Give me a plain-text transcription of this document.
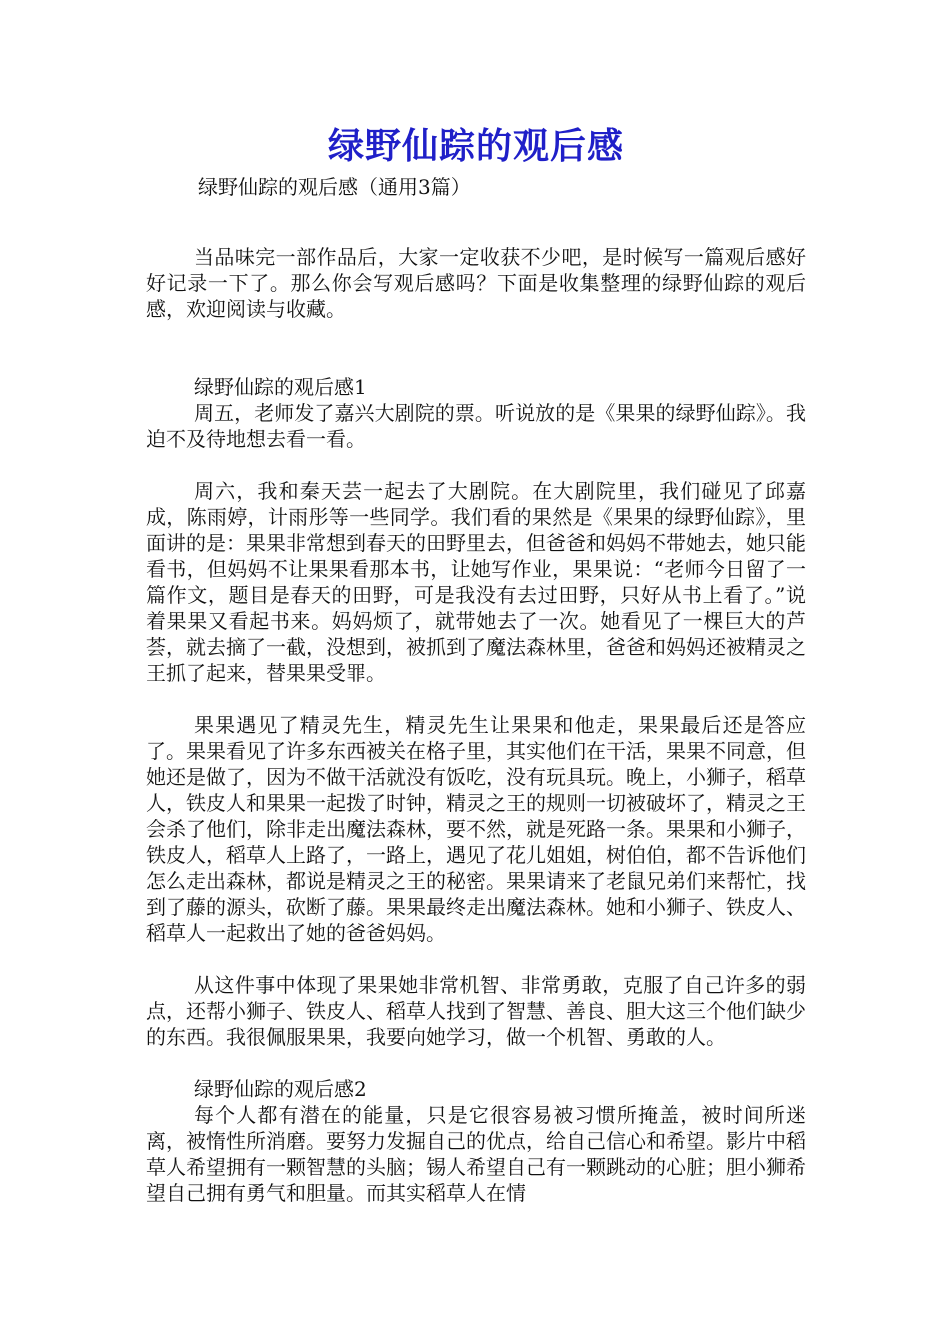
绿野仙踪的观后感

绿野仙踪的观后感（通用3篇）

当品味完一部作品后，大家一定收获不少吧，是时候写一篇观后感好好记录一下了。那么你会写观后感吗？下面是收集整理的绿野仙踪的观后感，欢迎阅读与收藏。

绿野仙踪的观后感1

周五，老师发了嘉兴大剧院的票。听说放的是《果果的绿野仙踪》。我迫不及待地想去看一看。

周六，我和秦天芸一起去了大剧院。在大剧院里，我们碰见了邱嘉成，陈雨婷，计雨彤等一些同学。我们看的果然是《果果的绿野仙踪》，里面讲的是：果果非常想到春天的田野里去，但爸爸和妈妈不带她去，她只能看书，但妈妈不让果果看那本书，让她写作业，果果说：“老师今日留了一篇作文，题目是春天的田野，可是我没有去过田野，只好从书上看了。”说着果果又看起书来。妈妈烦了，就带她去了一次。她看见了一棵巨大的芦荟，就去摘了一截，没想到，被抓到了魔法森林里，爸爸和妈妈还被精灵之王抓了起来，替果果受罪。

果果遇见了精灵先生，精灵先生让果果和他走，果果最后还是答应了。果果看见了许多东西被关在格子里，其实他们在干活，果果不同意，但她还是做了，因为不做干活就没有饭吃，没有玩具玩。晚上，小狮子，稻草人，铁皮人和果果一起拨了时钟，精灵之王的规则一切被破坏了，精灵之王会杀了他们，除非走出魔法森林，要不然，就是死路一条。果果和小狮子，铁皮人，稻草人上路了，一路上，遇见了花儿姐姐，树伯伯，都不告诉他们怎么走出森林，都说是精灵之王的秘密。果果请来了老鼠兄弟们来帮忙，找到了藤的源头，砍断了藤。果果最终走出魔法森林。她和小狮子、铁皮人、稻草人一起救出了她的爸爸妈妈。

从这件事中体现了果果她非常机智、非常勇敢，克服了自己许多的弱点，还帮小狮子、铁皮人、稻草人找到了智慧、善良、胆大这三个他们缺少的东西。我很佩服果果，我要向她学习，做一个机智、勇敢的人。

绿野仙踪的观后感2

每个人都有潜在的能量，只是它很容易被习惯所掩盖，被时间所迷离，被惰性所消磨。要努力发掘自己的优点，给自己信心和希望。影片中稻草人希望拥有一颗智慧的头脑；锡人希望自己有一颗跳动的心脏；胆小狮希望自己拥有勇气和胆量。而其实稻草人在情
